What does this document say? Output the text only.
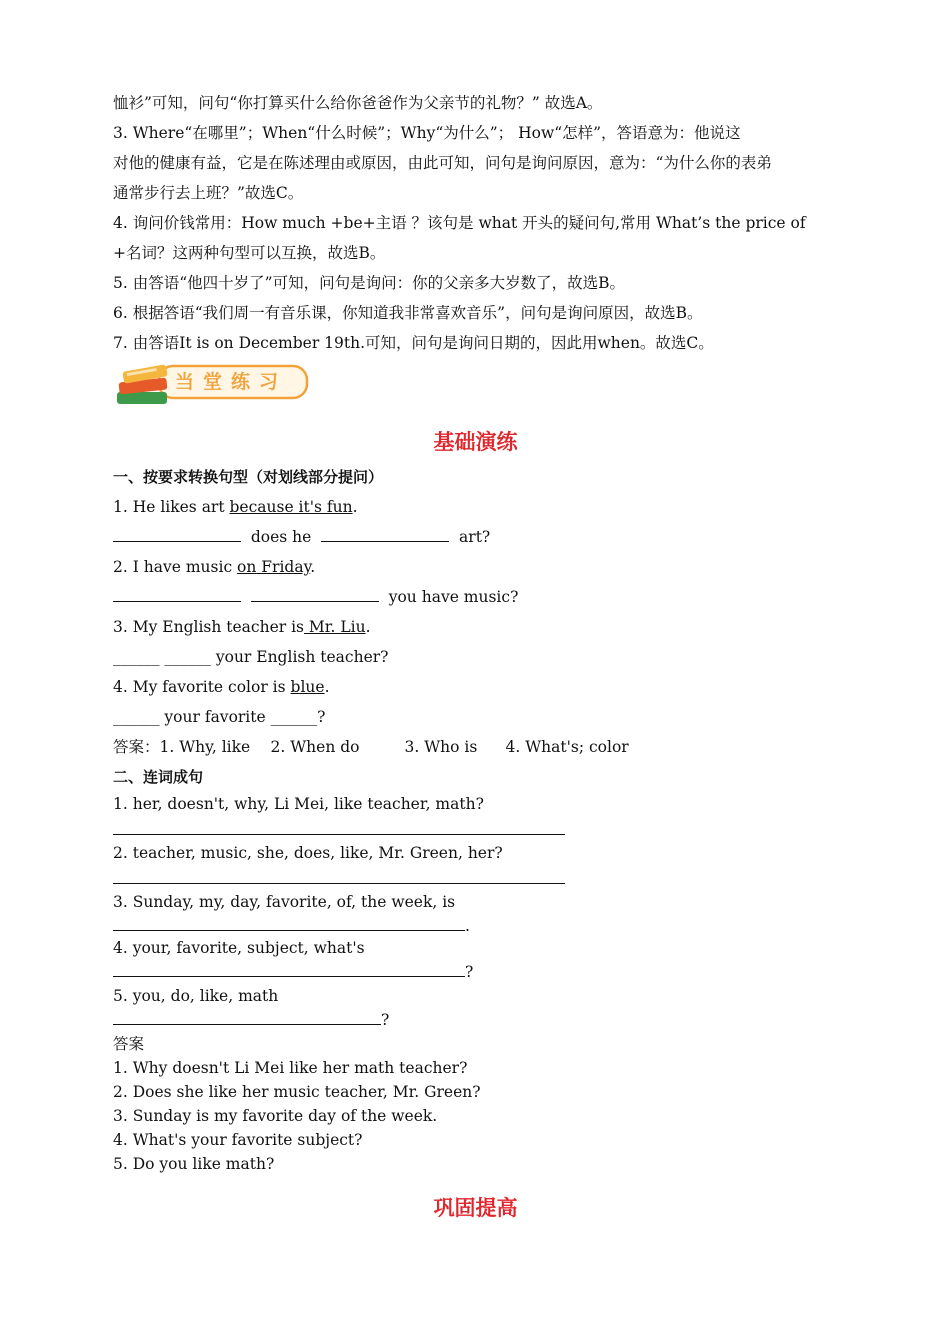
恤衫”可知，问句“你打算买什么给你爸爸作为父亲节的礼物？” 故选A。

3. Where“在哪里”；When“什么时候”；Why“为什么”； How“怎样”，答语意为：他说这

对他的健康有益，它是在陈述理由或原因，由此可知，问句是询问原因，意为：“为什么你的表弟

通常步行去上班？”故选C。

4. 询问价钱常用：How much +be+主语 ？该句是 what 开头的疑问句,常用 What’s the price of

+名词？这两种句型可以互换，故选B。

5. 由答语“他四十岁了”可知，问句是询问：你的父亲多大岁数了，故选B。

6. 根据答语“我们周一有音乐课，你知道我非常喜欢音乐”，问句是询问原因，故选B。

7. 由答语It is on December 19th.可知，问句是询问日期的，因此用when。故选C。

当堂练习

基础演练

一、按要求转换句型（对划线部分提问）

1. He likes art because it's fun.

does he	art?

2. I have music on Friday.

you have music?

3. My English teacher is Mr. Liu.

______ ______ your English teacher?

4. My favorite color is blue.

______ your favorite ______?

答案：1. Why, like 2. When do	3. Who is 4. What's; color

二、连词成句

1. her, doesn't, why, Li Mei, like teacher, math?

2. teacher, music, she, does, like, Mr. Green, her?

3. Sunday, my, day, favorite, of, the week, is

.

4. your, favorite, subject, what's

?

5. you, do, like, math

?

答案

1. Why doesn't Li Mei like her math teacher?

2. Does she like her music teacher, Mr. Green?

3. Sunday is my favorite day of the week.

4. What's your favorite subject?

5. Do you like math?

巩固提高
